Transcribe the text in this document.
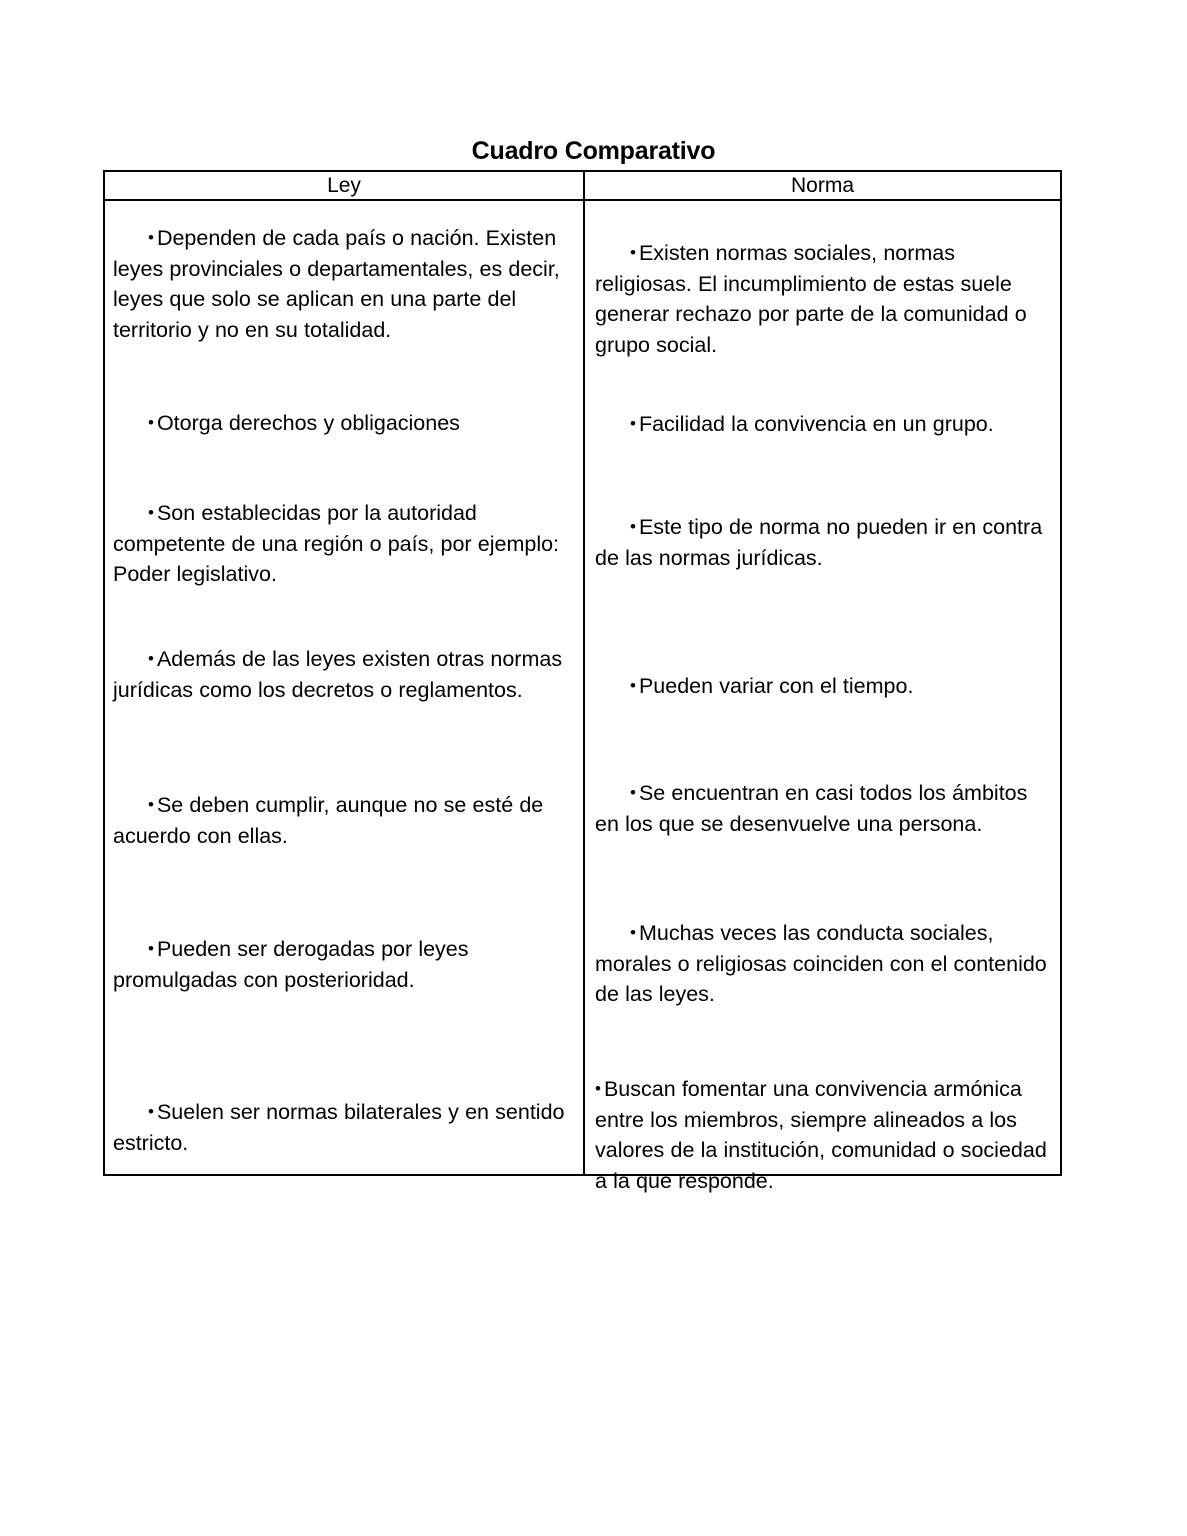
Cuadro Comparativo
Ley	Norma
• Dependen de cada país o nación. Existen leyes provinciales o departamentales, es decir, leyes que solo se aplican en una parte del territorio y no en su totalidad.
• Otorga derechos y obligaciones
• Son establecidas por la autoridad competente de una región o país, por ejemplo: Poder legislativo.
• Además de las leyes existen otras normas jurídicas como los decretos o reglamentos.
• Se deben cumplir, aunque no se esté de acuerdo con ellas.
• Pueden ser derogadas por leyes promulgadas con posterioridad.
• Suelen ser normas bilaterales y en sentido estricto.
• Existen normas sociales, normas religiosas. El incumplimiento de estas suele generar rechazo por parte de la comunidad o grupo social.
• Facilidad la convivencia en un grupo.
• Este tipo de norma no pueden ir en contra de las normas jurídicas.
• Pueden variar con el tiempo.
• Se encuentran en casi todos los ámbitos en los que se desenvuelve una persona.
• Muchas veces las conducta sociales, morales o religiosas coinciden con el contenido de las leyes.
• Buscan fomentar una convivencia armónica entre los miembros, siempre alineados a los valores de la institución, comunidad o sociedad a la que responde.
